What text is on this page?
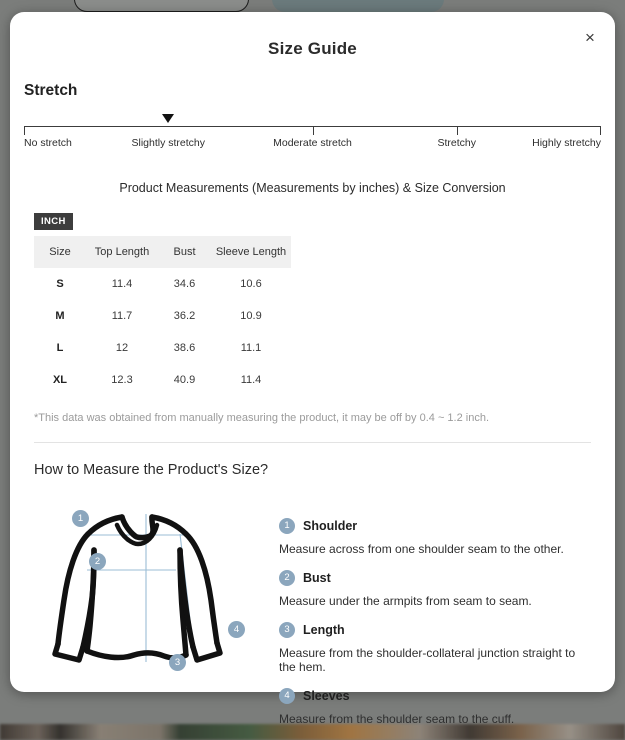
×
Size Guide
Stretch
No stretch	Slightly stretchy	Moderate stretch	Stretchy	Highly stretchy
Product Measurements (Measurements by inches) & Size Conversion
INCH
Size	Top Length	Bust	Sleeve Length
S	11.4	34.6	10.6
M	11.7	36.2	10.9
L	12	38.6	11.1
XL	12.3	40.9	11.4
*This data was obtained from manually measuring the product, it may be off by 0.4 ~ 1.2 inch.
How to Measure the Product's Size?
1
2
3
4
1	Shoulder
Measure across from one shoulder seam to the other.
2	Bust
Measure under the armpits from seam to seam.
3	Length
Measure from the shoulder-collateral junction straight to the hem.
4	Sleeves
Measure from the shoulder seam to the cuff.
